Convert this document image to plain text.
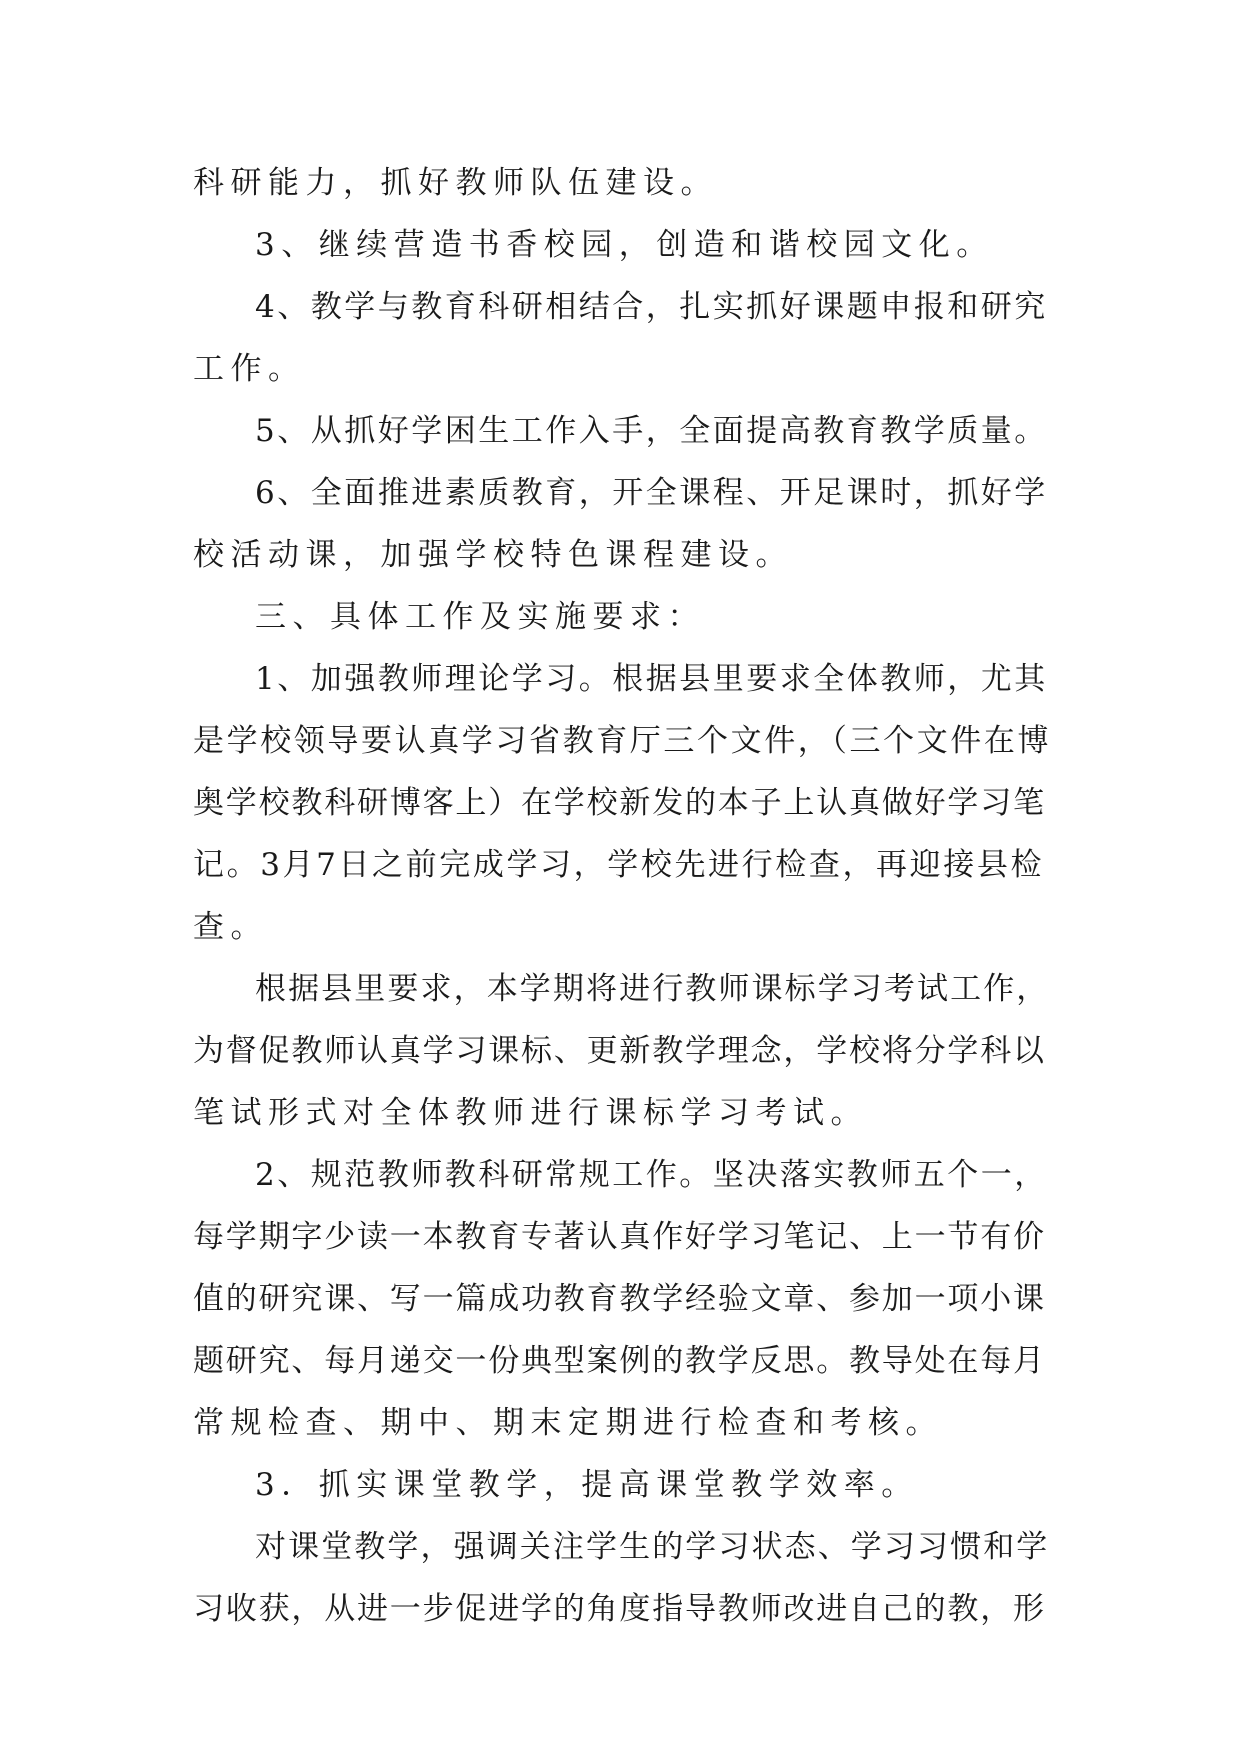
科研能力，抓好教师队伍建设。
3、继续营造书香校园，创造和谐校园文化。
4、教学与教育科研相结合，扎实抓好课题申报和研究
工作。
5、从抓好学困生工作入手，全面提高教育教学质量。
6、全面推进素质教育，开全课程、开足课时，抓好学
校活动课，加强学校特色课程建设。
三、具体工作及实施要求：
1、加强教师理论学习。根据县里要求全体教师，尤其
是学校领导要认真学习省教育厅三个文件，（三个文件在博
奥学校教科研博客上）在学校新发的本子上认真做好学习笔
记。3月7日之前完成学习，学校先进行检查，再迎接县检
查。
根据县里要求，本学期将进行教师课标学习考试工作，
为督促教师认真学习课标、更新教学理念，学校将分学科以
笔试形式对全体教师进行课标学习考试。
2、规范教师教科研常规工作。坚决落实教师五个一，
每学期字少读一本教育专著认真作好学习笔记、上一节有价
值的研究课、写一篇成功教育教学经验文章、参加一项小课
题研究、每月递交一份典型案例的教学反思。教导处在每月
常规检查、期中、期末定期进行检查和考核。
3．抓实课堂教学，提高课堂教学效率。
对课堂教学，强调关注学生的学习状态、学习习惯和学
习收获，从进一步促进学的角度指导教师改进自己的教，形
